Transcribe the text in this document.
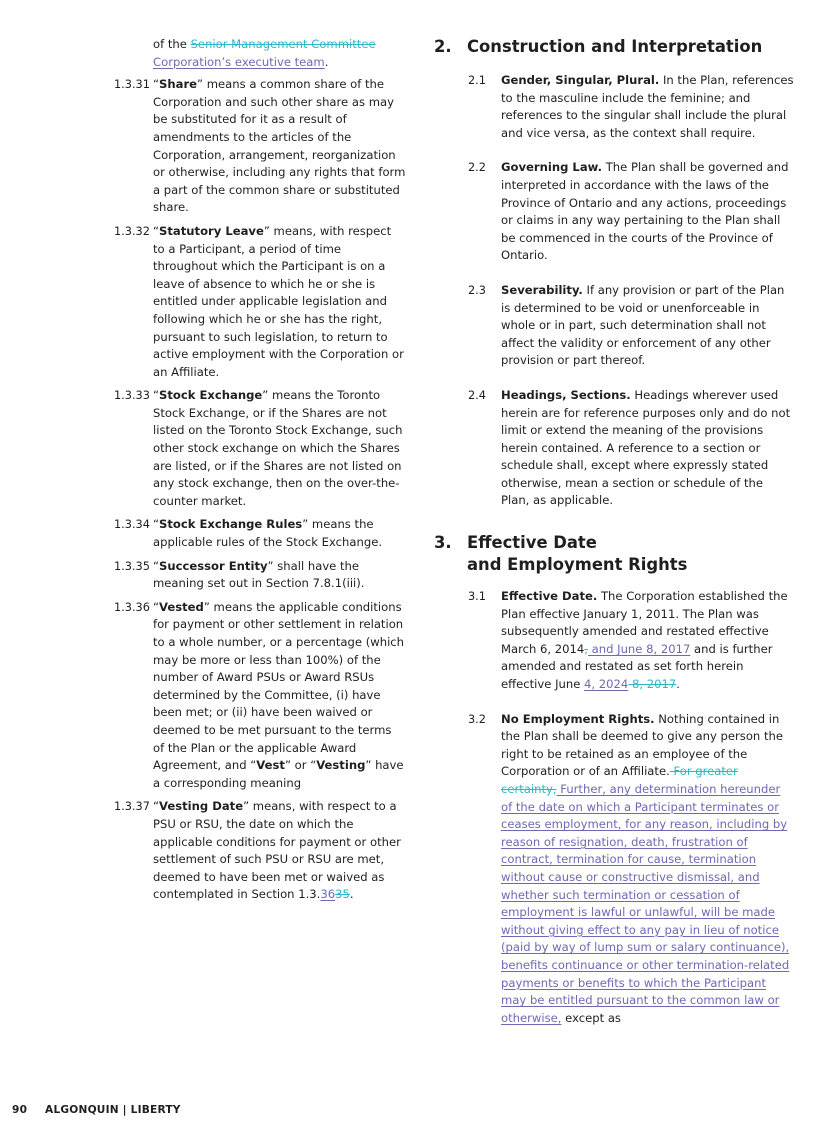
of the Senior Management Committee
Corporation’s executive team.
1.3.31 “Share” means a common share of the Corporation and such other share as may be substituted for it as a result of amendments to the articles of the Corporation, arrangement, reorganization or otherwise, including any rights that form a part of the common share or substituted share.
1.3.32 “Statutory Leave” means, with respect to a Participant, a period of time throughout which the Participant is on a leave of absence to which he or she is entitled under applicable legislation and following which he or she has the right, pursuant to such legislation, to return to active employment with the Corporation or an Affiliate.
1.3.33 “Stock Exchange” means the Toronto Stock Exchange, or if the Shares are not listed on the Toronto Stock Exchange, such other stock exchange on which the Shares are listed, or if the Shares are not listed on any stock exchange, then on the over-the-counter market.
1.3.34 “Stock Exchange Rules” means the applicable rules of the Stock Exchange.
1.3.35 “Successor Entity” shall have the meaning set out in Section 7.8.1(iii).
1.3.36 “Vested” means the applicable conditions for payment or other settlement in relation to a whole number, or a percentage (which may be more or less than 100%) of the number of Award PSUs or Award RSUs determined by the Committee, (i) have been met; or (ii) have been waived or deemed to be met pursuant to the terms of the Plan or the applicable Award Agreement, and “Vest” or “Vesting” have a corresponding meaning
1.3.37 “Vesting Date” means, with respect to a PSU or RSU, the date on which the applicable conditions for payment or other settlement of such PSU or RSU are met, deemed to have been met or waived as contemplated in Section 1.3.3635.
2. Construction and Interpretation
2.1 Gender, Singular, Plural. In the Plan, references to the masculine include the feminine; and references to the singular shall include the plural and vice versa, as the context shall require.
2.2 Governing Law. The Plan shall be governed and interpreted in accordance with the laws of the Province of Ontario and any actions, proceedings or claims in any way pertaining to the Plan shall be commenced in the courts of the Province of Ontario.
2.3 Severability. If any provision or part of the Plan is determined to be void or unenforceable in whole or in part, such determination shall not affect the validity or enforcement of any other provision or part thereof.
2.4 Headings, Sections. Headings wherever used herein are for reference purposes only and do not limit or extend the meaning of the provisions herein contained. A reference to a section or schedule shall, except where expressly stated otherwise, mean a section or schedule of the Plan, as applicable.
3. Effective Date
and Employment Rights
3.1 Effective Date. The Corporation established the Plan effective January 1, 2011. The Plan was subsequently amended and restated effective March 6, 2014, and June 8, 2017 and is further amended and restated as set forth herein effective June 4, 2024 8, 2017.
3.2 No Employment Rights. Nothing contained in the Plan shall be deemed to give any person the right to be retained as an employee of the Corporation or of an Affiliate. For greater certainty, Further, any determination hereunder of the date on which a Participant terminates or ceases employment, for any reason, including by reason of resignation, death, frustration of contract, termination for cause, termination without cause or constructive dismissal, and whether such termination or cessation of employment is lawful or unlawful, will be made without giving effect to any pay in lieu of notice (paid by way of lump sum or salary continuance), benefits continuance or other termination-related payments or benefits to which the Participant may be entitled pursuant to the common law or otherwise, except as
90 ALGONQUIN | LIBERTY
